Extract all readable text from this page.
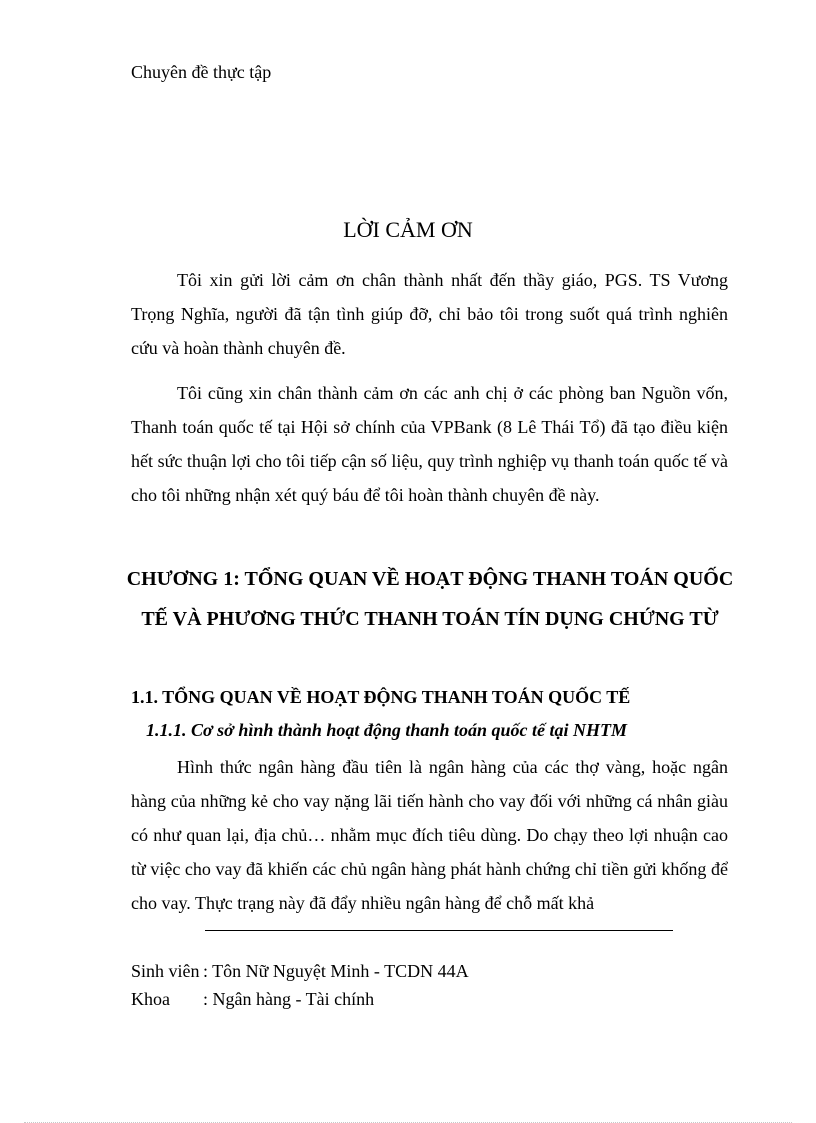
Chuyên đề thực tập
LỜI CẢM ƠN

Tôi xin gửi lời cảm ơn chân thành nhất đến thầy giáo, PGS. TS Vương Trọng Nghĩa, người đã tận tình giúp đỡ, chỉ bảo tôi trong suốt quá trình nghiên cứu và hoàn thành chuyên đề.

Tôi cũng xin chân thành cảm ơn các anh chị ở các phòng ban Nguồn vốn, Thanh toán quốc tế tại Hội sở chính của VPBank (8 Lê Thái Tổ) đã tạo điều kiện hết sức thuận lợi cho tôi tiếp cận số liệu, quy trình nghiệp vụ thanh toán quốc tế và cho tôi những nhận xét quý báu để tôi hoàn thành chuyên đề này.

CHƯƠNG 1: TỔNG QUAN VỀ HOẠT ĐỘNG THANH TOÁN QUỐC TẾ VÀ PHƯƠNG THỨC THANH TOÁN TÍN DỤNG CHỨNG TỪ
1.1. TỔNG QUAN VỀ HOẠT ĐỘNG THANH TOÁN QUỐC TẾ
1.1.1. Cơ sở hình thành hoạt động thanh toán quốc tế tại NHTM

Hình thức ngân hàng đầu tiên là ngân hàng của các thợ vàng, hoặc ngân hàng của những kẻ cho vay nặng lãi tiến hành cho vay đối với những cá nhân giàu có như quan lại, địa chủ… nhằm mục đích tiêu dùng. Do chạy theo lợi nhuận cao từ việc cho vay đã khiến các chủ ngân hàng phát hành chứng chỉ tiền gửi khống để cho vay. Thực trạng này đã đẩy nhiều ngân hàng để chỗ mất khả

Sinh viên : Tôn Nữ Nguyệt Minh - TCDN 44A
Khoa : Ngân hàng - Tài chính
